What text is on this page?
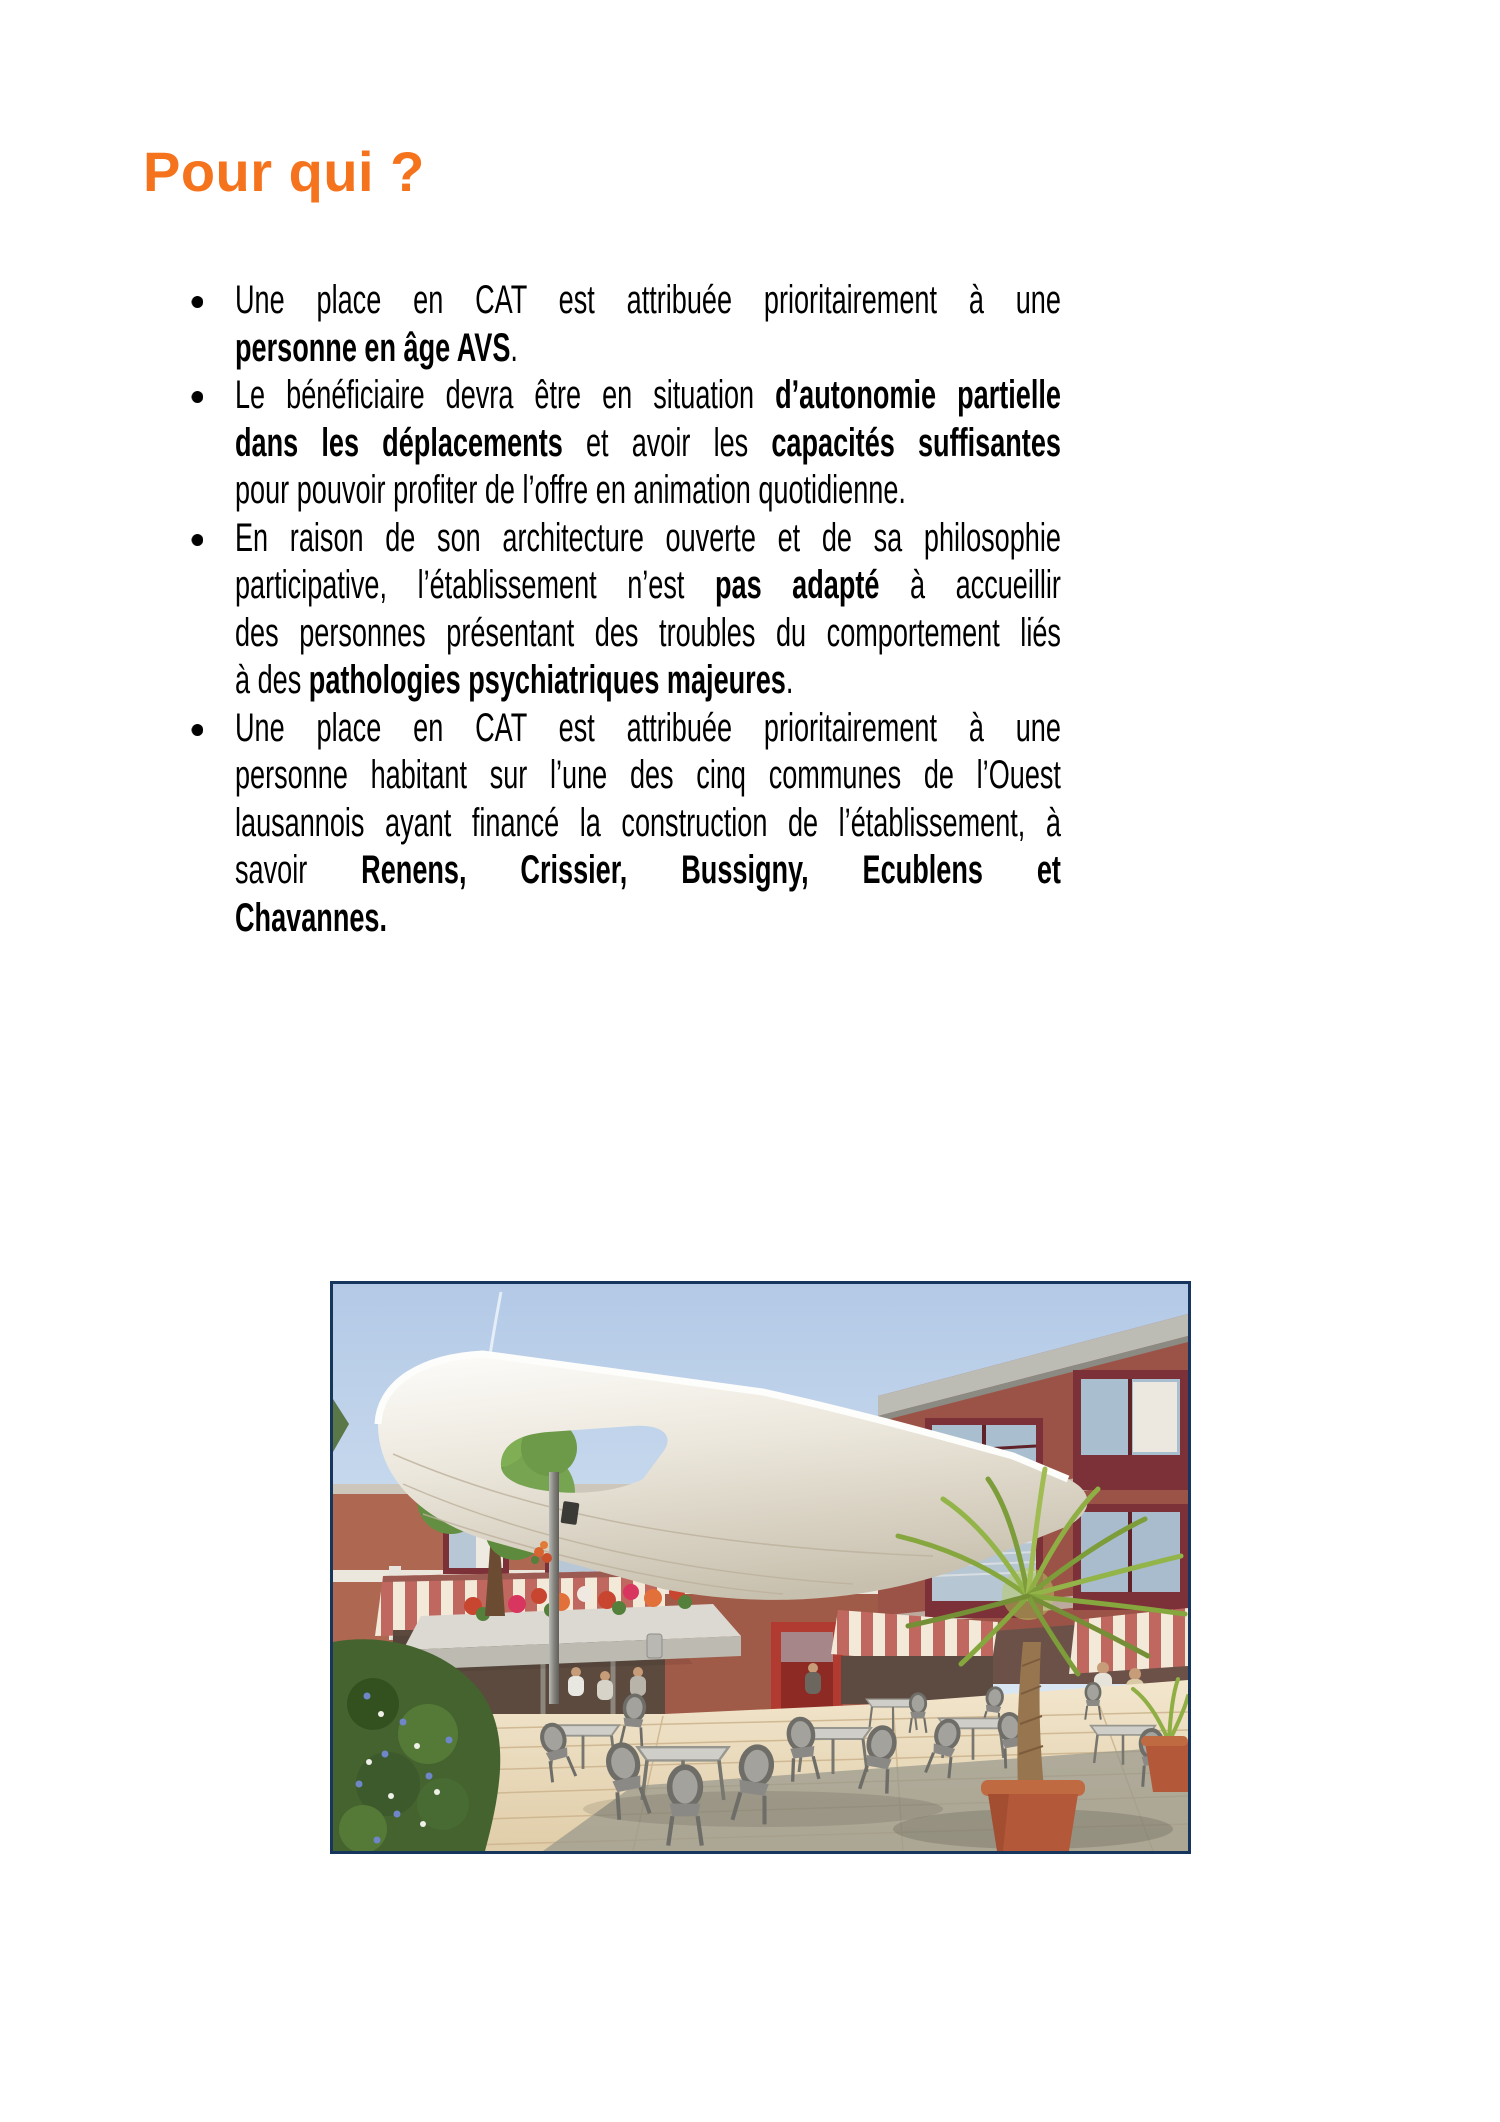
Pour qui ?
Une place en CAT est attribuée prioritairement à une
personne en âge AVS.
Le bénéficiaire devra être en situation d’autonomie partielle
dans les déplacements et avoir les capacités suffisantes
pour pouvoir profiter de l’offre en animation quotidienne.
En raison de son architecture ouverte et de sa philosophie
participative, l’établissement n’est pas adapté à accueillir
des personnes présentant des troubles du comportement liés
à des pathologies psychiatriques majeures.
Une place en CAT est attribuée prioritairement à une
personne habitant sur l’une des cinq communes de l’Ouest
lausannois ayant financé la construction de l’établissement, à
savoir Renens, Crissier, Bussigny, Ecublens et
Chavannes.
